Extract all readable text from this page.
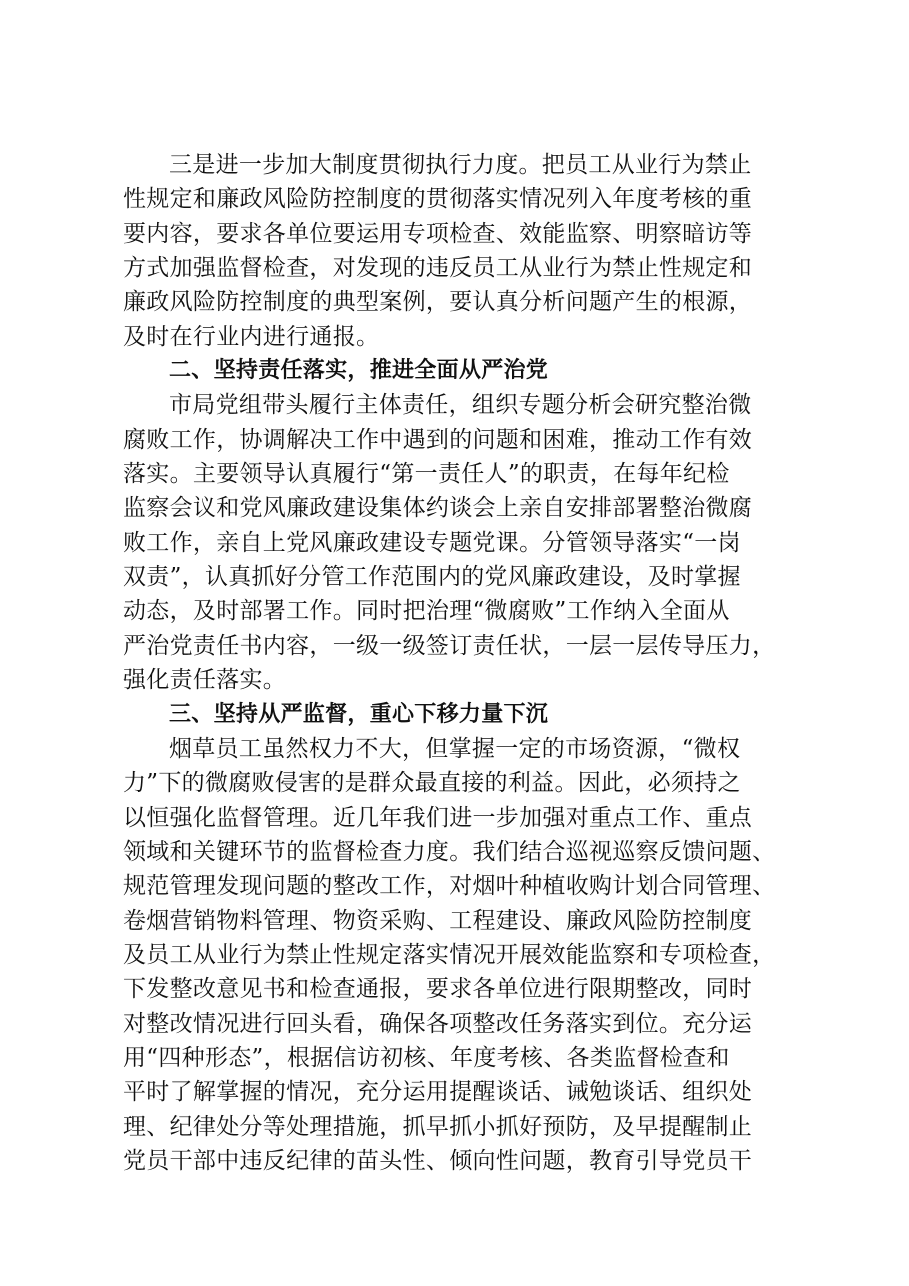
三是进一步加大制度贯彻执行力度。把员工从业行为禁止
性规定和廉政风险防控制度的贯彻落实情况列入年度考核的重
要内容，要求各单位要运用专项检查、效能监察、明察暗访等
方式加强监督检查，对发现的违反员工从业行为禁止性规定和
廉政风险防控制度的典型案例，要认真分析问题产生的根源，
及时在行业内进行通报。
二、坚持责任落实，推进全面从严治党
市局党组带头履行主体责任，组织专题分析会研究整治微
腐败工作，协调解决工作中遇到的问题和困难，推动工作有效
落实。主要领导认真履行“第一责任人”的职责，在每年纪检
监察会议和党风廉政建设集体约谈会上亲自安排部署整治微腐
败工作，亲自上党风廉政建设专题党课。分管领导落实“一岗
双责”，认真抓好分管工作范围内的党风廉政建设，及时掌握
动态，及时部署工作。同时把治理“微腐败”工作纳入全面从
严治党责任书内容，一级一级签订责任状，一层一层传导压力，
强化责任落实。
三、坚持从严监督，重心下移力量下沉
烟草员工虽然权力不大，但掌握一定的市场资源，“微权
力”下的微腐败侵害的是群众最直接的利益。因此，必须持之
以恒强化监督管理。近几年我们进一步加强对重点工作、重点
领域和关键环节的监督检查力度。我们结合巡视巡察反馈问题、
规范管理发现问题的整改工作，对烟叶种植收购计划合同管理、
卷烟营销物料管理、物资采购、工程建设、廉政风险防控制度
及员工从业行为禁止性规定落实情况开展效能监察和专项检查，
下发整改意见书和检查通报，要求各单位进行限期整改，同时
对整改情况进行回头看，确保各项整改任务落实到位。充分运
用“四种形态”，根据信访初核、年度考核、各类监督检查和
平时了解掌握的情况，充分运用提醒谈话、诫勉谈话、组织处
理、纪律处分等处理措施，抓早抓小抓好预防，及早提醒制止
党员干部中违反纪律的苗头性、倾向性问题，教育引导党员干
